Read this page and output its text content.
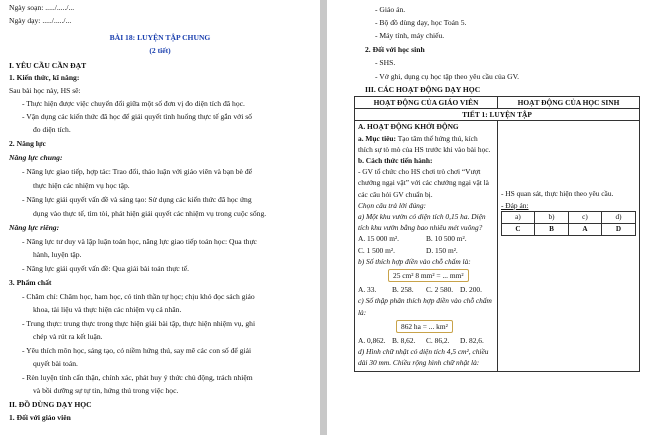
Ngày soạn: ...../...../...
Ngày dạy: ...../...../...
BÀI 18: LUYỆN TẬP CHUNG
(2 tiết)
I. YÊU CẦU CẦN ĐẠT
1. Kiến thức, kĩ năng:
Sau bài học này, HS sẽ:
- Thực hiện được việc chuyển đổi giữa một số đơn vị đo diện tích đã học.
- Vận dụng các kiến thức đã học để giải quyết tình huống thực tế gắn với số
đo diện tích.
2. Năng lực
Năng lực chung:
- Năng lực giao tiếp, hợp tác: Trao đổi, thảo luận với giáo viên và bạn bè để
thực hiện các nhiệm vụ học tập.
- Năng lực giải quyết vấn đề và sáng tạo: Sử dụng các kiến thức đã học ứng
dụng vào thực tế, tìm tòi, phát hiện giải quyết các nhiệm vụ trong cuộc sống.
Năng lực riêng:
- Năng lực tư duy và lập luận toán học, năng lực giao tiếp toán học: Qua thực
hành, luyện tập.
- Năng lực giải quyết vấn đề: Qua giải bài toán thực tế.
3. Phẩm chất
- Chăm chỉ: Chăm học, ham học, có tinh thần tự học; chịu khó đọc sách giáo
khoa, tài liệu và thực hiện các nhiệm vụ cá nhân.
- Trung thực: trung thực trong thực hiện giải bài tập, thực hiện nhiệm vụ, ghi
chép và rút ra kết luận.
- Yêu thích môn học, sáng tạo, có niềm hứng thú, say mê các con số để giải
quyết bài toán.
- Rèn luyện tính cẩn thận, chính xác, phát huy ý thức chủ động, trách nhiệm
và bồi dưỡng sự tự tin, hứng thú trong việc học.
II. ĐỒ DÙNG DẠY HỌC
1. Đối với giáo viên
- Giáo án.
- Bộ đồ dùng dạy, học Toán 5.
- Máy tính, máy chiếu.
2. Đối với học sinh
- SHS.
- Vở ghi, dụng cụ học tập theo yêu cầu của GV.
III. CÁC HOẠT ĐỘNG DẠY HỌC
HOẠT ĐỘNG CỦA GIÁO VIÊN	HOẠT ĐỘNG CỦA HỌC SINH
TIẾT 1: LUYỆN TẬP

A. HOẠT ĐỘNG KHỞI ĐỘNG
a. Mục tiêu: Tạo tâm thế hứng thú, kích
thích sự tò mò của HS trước khi vào bài học.
b. Cách thức tiến hành:
- GV tổ chức cho HS chơi trò chơi “Vượt
chướng ngại vật” với các chướng ngại vật là
các câu hỏi GV chuẩn bị.
Chọn câu trả lời đúng:
a) Một khu vườn có diện tích 0,15 ha. Diện
tích khu vườn bằng bao nhiêu mét vuông?
A. 15 000 m².	B. 10 500 m².
C. 1 500 m².	D. 150 m².
b) Số thích hợp điền vào chỗ chấm là:
25 cm² 8 mm² = ... mm²
A. 33.	B. 258.	C. 2 580. D. 200.
c) Số thập phân thích hợp điền vào chỗ chấm
là:
862 ha = ... km²
A. 0,862. B. 8,62.	C. 86,2.	D. 82,6.
d) Hình chữ nhật có diện tích 4,5 cm², chiều
dài 30 mm. Chiều rộng hình chữ nhật là:

- HS quan sát, thực hiện theo yêu cầu.
- Đáp án:
a)	b)	c)	d)
C	B	A	D
